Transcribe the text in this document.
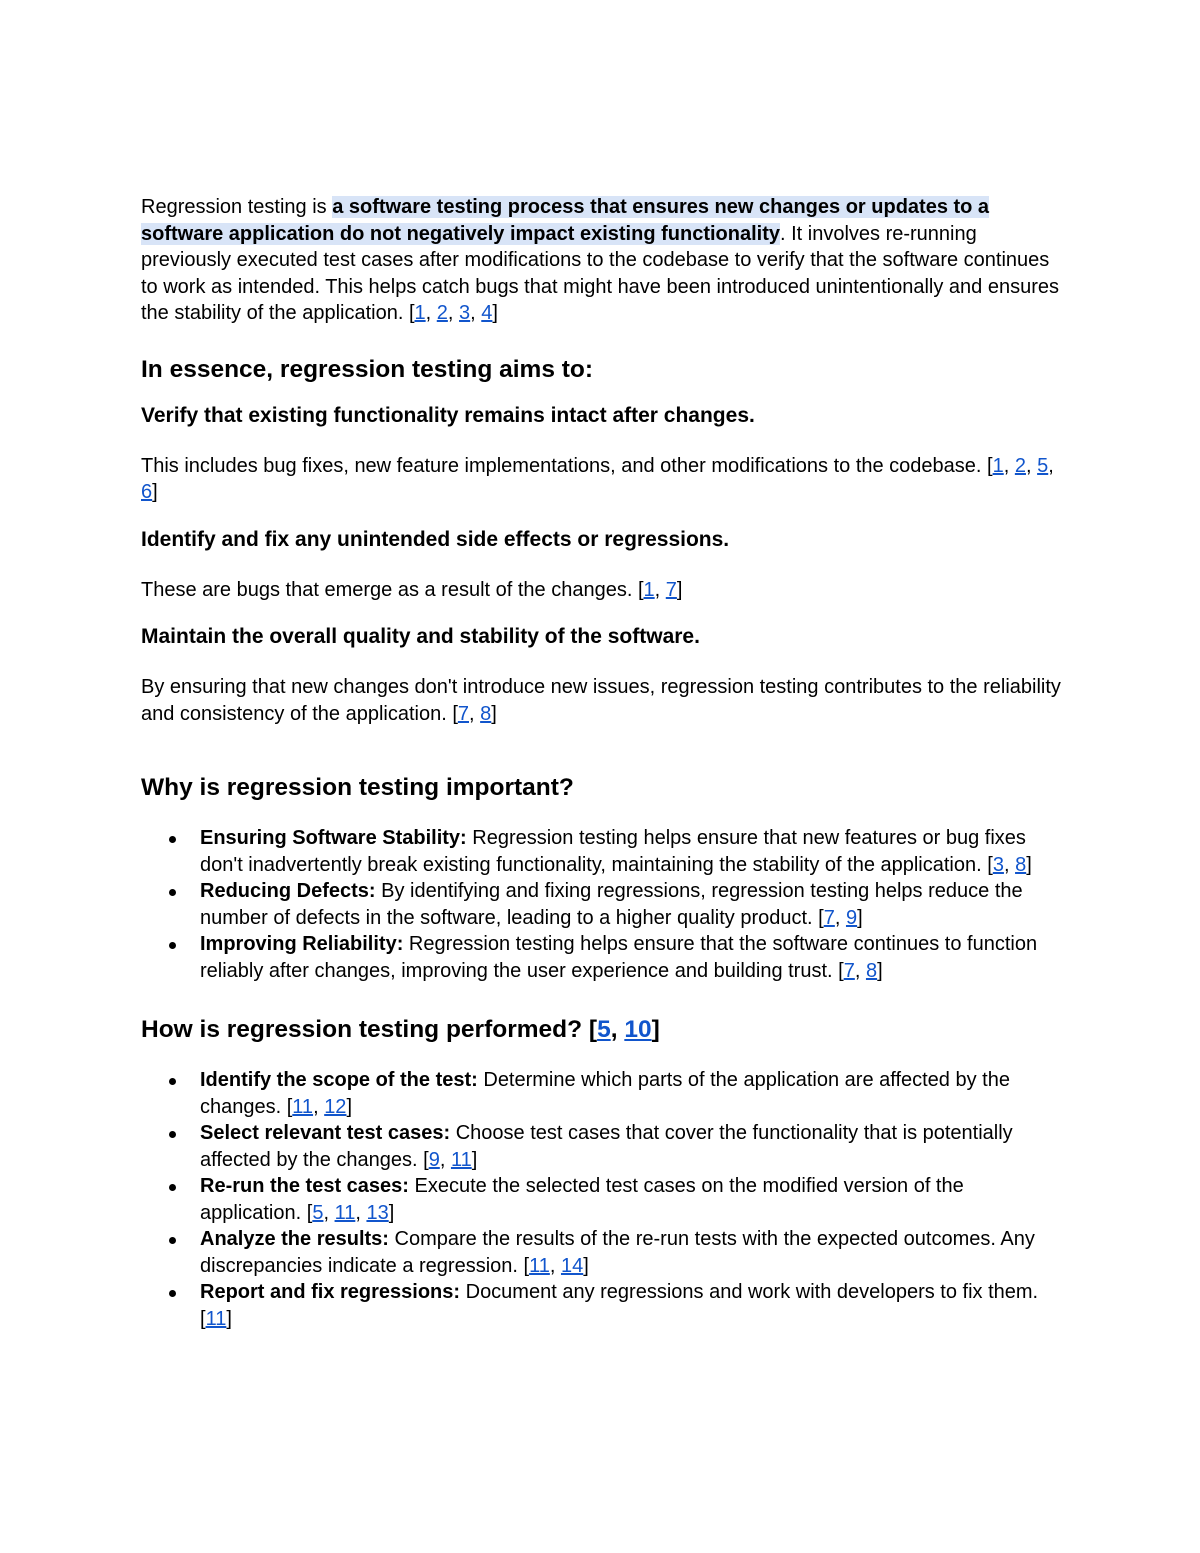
Regression testing is a software testing process that ensures new changes or updates to a software application do not negatively impact existing functionality. It involves re-running previously executed test cases after modifications to the codebase to verify that the software continues to work as intended. This helps catch bugs that might have been introduced unintentionally and ensures the stability of the application. [1, 2, 3, 4]

In essence, regression testing aims to:
Verify that existing functionality remains intact after changes.

This includes bug fixes, new feature implementations, and other modifications to the codebase. [1, 2, 5, 6]

Identify and fix any unintended side effects or regressions.

These are bugs that emerge as a result of the changes. [1, 7]

Maintain the overall quality and stability of the software.

By ensuring that new changes don't introduce new issues, regression testing contributes to the reliability and consistency of the application. [7, 8]

Why is regression testing important?
Ensuring Software Stability: Regression testing helps ensure that new features or bug fixes don't inadvertently break existing functionality, maintaining the stability of the application. [3, 8]
Reducing Defects: By identifying and fixing regressions, regression testing helps reduce the number of defects in the software, leading to a higher quality product. [7, 9]
Improving Reliability: Regression testing helps ensure that the software continues to function reliably after changes, improving the user experience and building trust. [7, 8]
How is regression testing performed? [5, 10]
Identify the scope of the test: Determine which parts of the application are affected by the changes. [11, 12]
Select relevant test cases: Choose test cases that cover the functionality that is potentially affected by the changes. [9, 11]
Re-run the test cases: Execute the selected test cases on the modified version of the application. [5, 11, 13]
Analyze the results: Compare the results of the re-run tests with the expected outcomes. Any discrepancies indicate a regression. [11, 14]
Report and fix regressions: Document any regressions and work with developers to fix them. [11]
